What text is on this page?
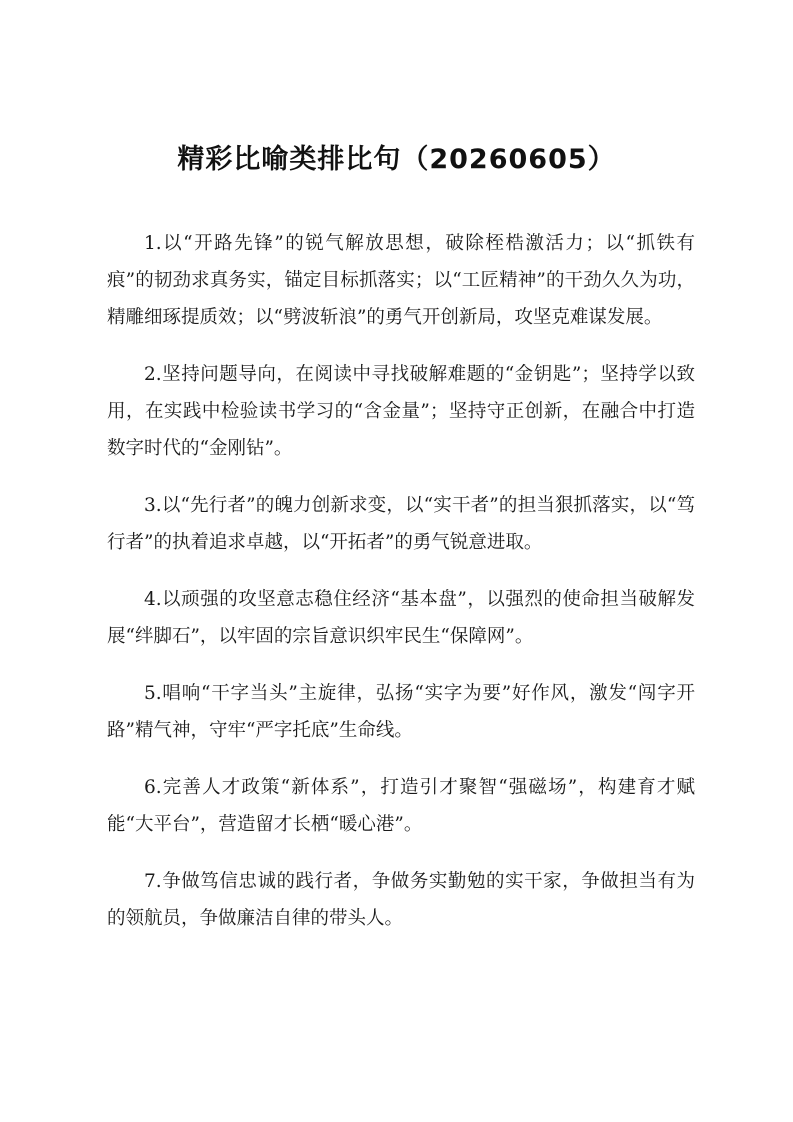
精彩比喻类排比句（20260605）

1.以“开路先锋”的锐气解放思想，破除桎梏激活力；以“抓铁有痕”的韧劲求真务实，锚定目标抓落实；以“工匠精神”的干劲久久为功，精雕细琢提质效；以“劈波斩浪”的勇气开创新局，攻坚克难谋发展。

2.坚持问题导向，在阅读中寻找破解难题的“金钥匙”；坚持学以致用，在实践中检验读书学习的“含金量”；坚持守正创新，在融合中打造数字时代的“金刚钻”。

3.以“先行者”的魄力创新求变，以“实干者”的担当狠抓落实，以“笃行者”的执着追求卓越，以“开拓者”的勇气锐意进取。

4.以顽强的攻坚意志稳住经济“基本盘”，以强烈的使命担当破解发展“绊脚石”，以牢固的宗旨意识织牢民生“保障网”。

5.唱响“干字当头”主旋律，弘扬“实字为要”好作风，激发“闯字开路”精气神，守牢“严字托底”生命线。

6.完善人才政策“新体系”，打造引才聚智“强磁场”，构建育才赋能“大平台”，营造留才长栖“暖心港”。

7.争做笃信忠诚的践行者，争做务实勤勉的实干家，争做担当有为的领航员，争做廉洁自律的带头人。
